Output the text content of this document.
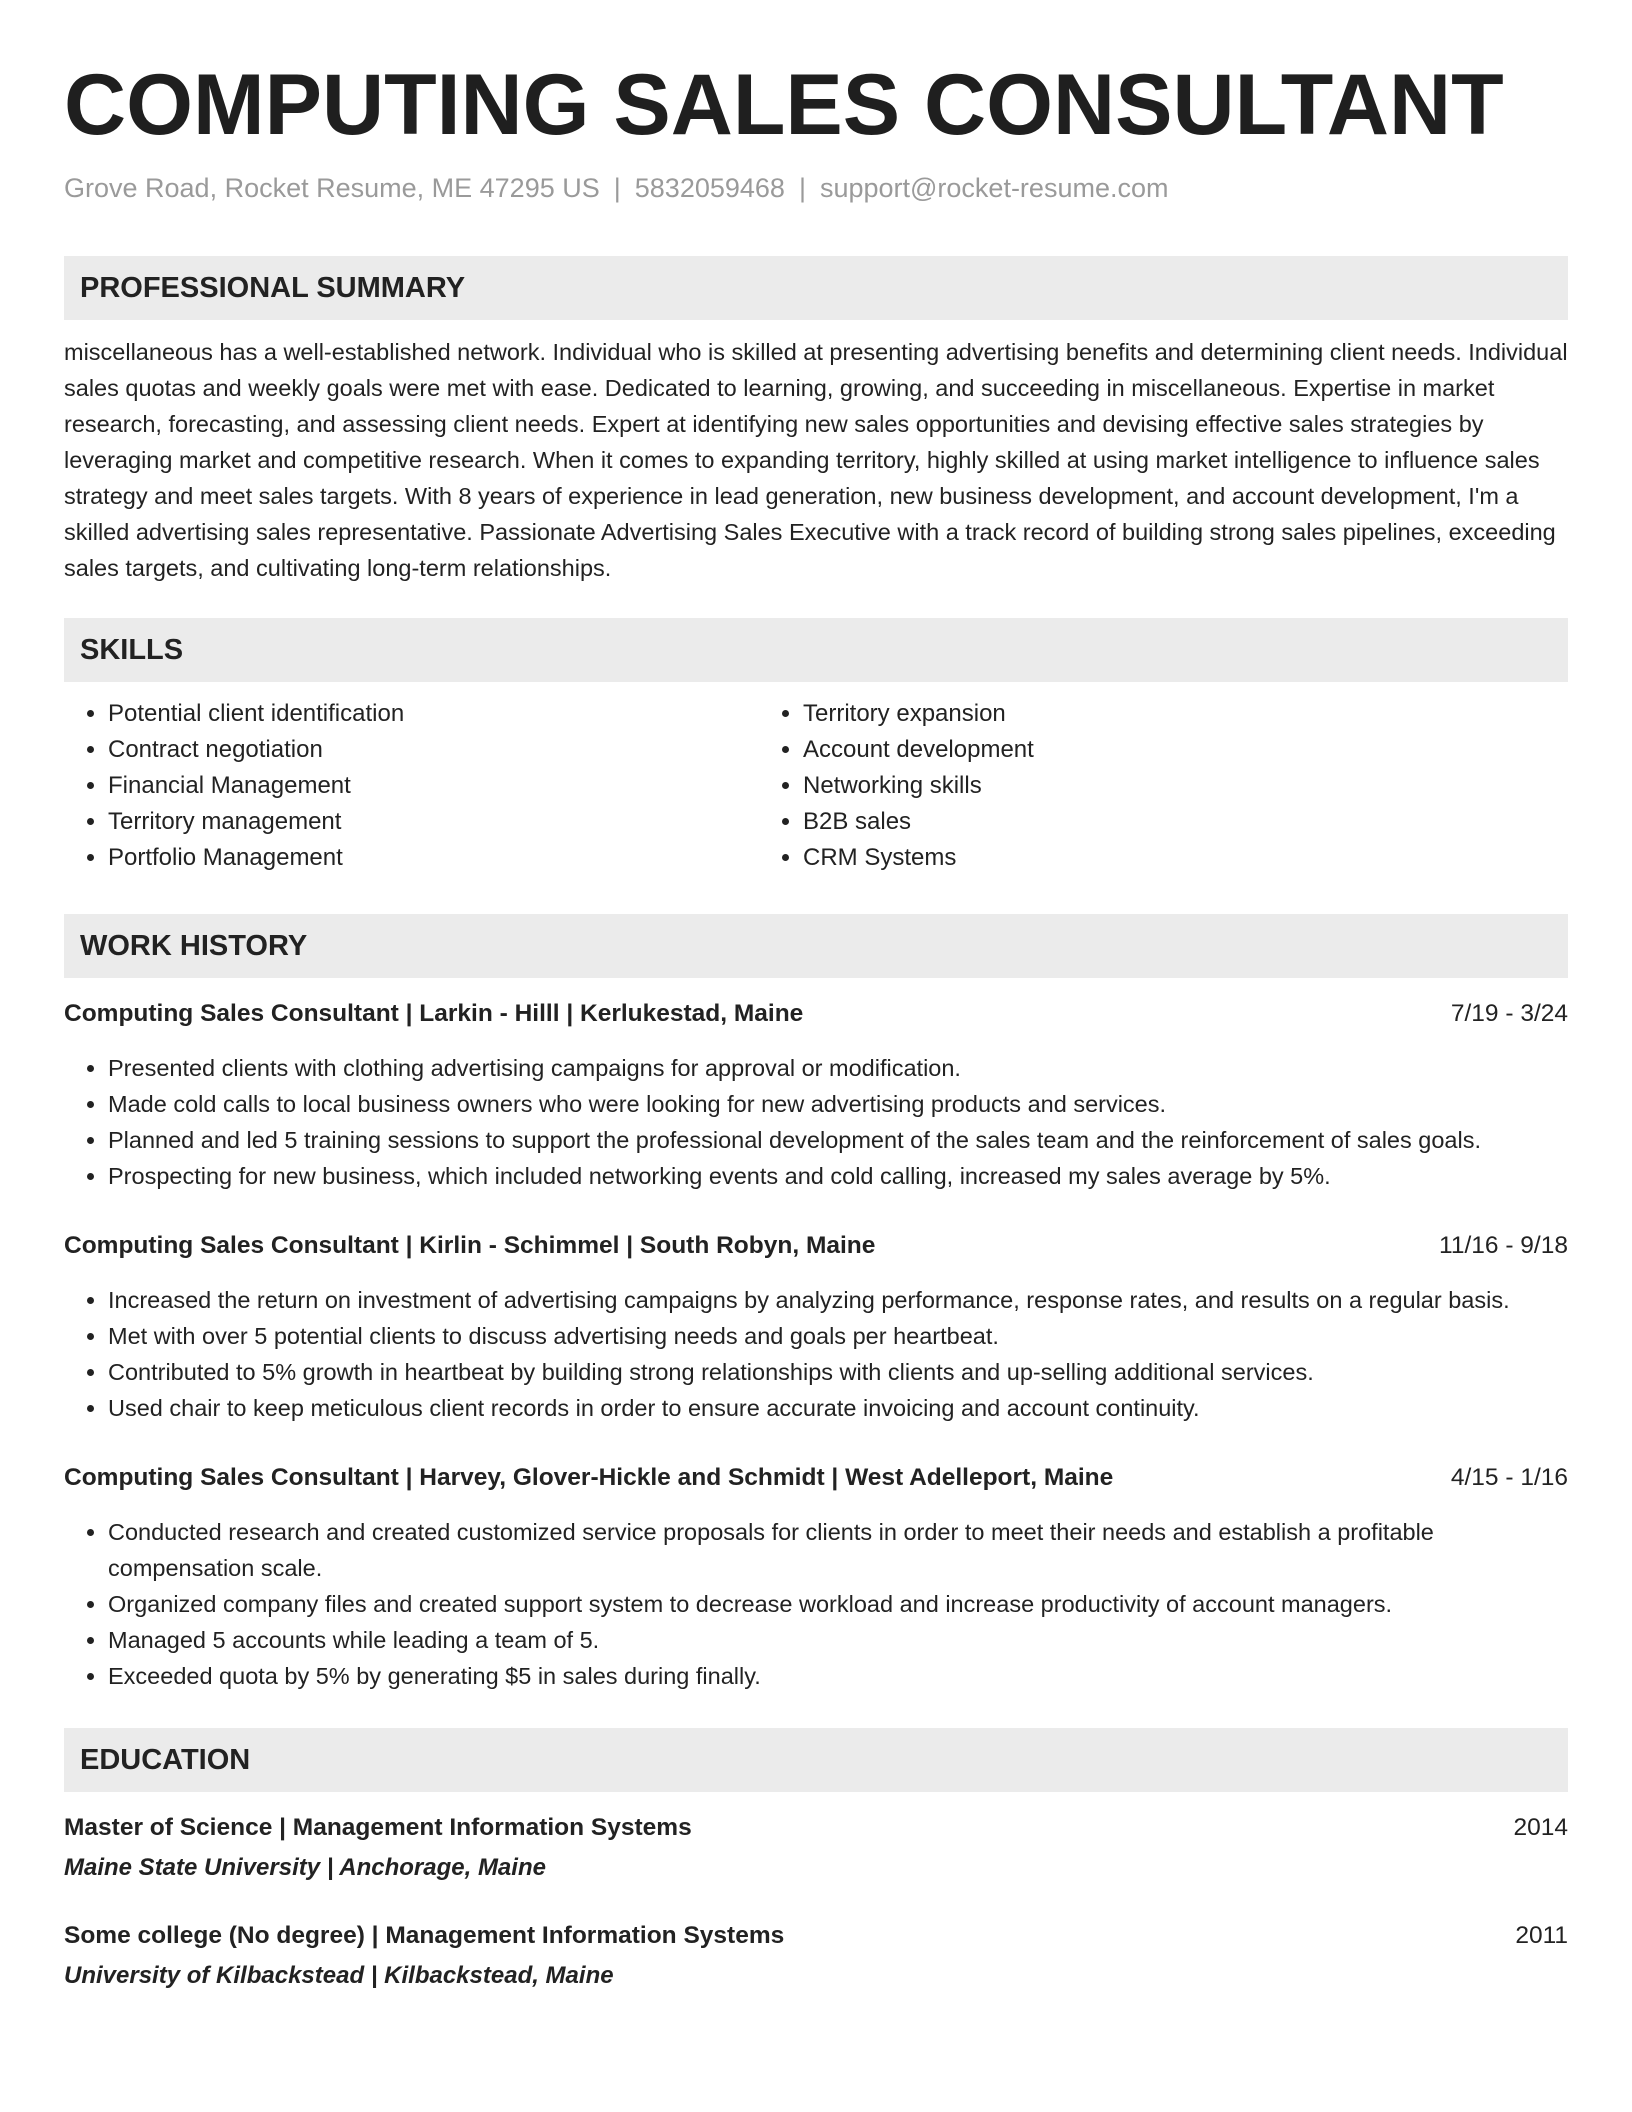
COMPUTING SALES CONSULTANT
Grove Road, Rocket Resume, ME 47295 US | 5832059468 | support@rocket-resume.com
PROFESSIONAL SUMMARY
miscellaneous has a well-established network. Individual who is skilled at presenting advertising benefits and determining client needs. Individual sales quotas and weekly goals were met with ease. Dedicated to learning, growing, and succeeding in miscellaneous. Expertise in market research, forecasting, and assessing client needs. Expert at identifying new sales opportunities and devising effective sales strategies by leveraging market and competitive research. When it comes to expanding territory, highly skilled at using market intelligence to influence sales strategy and meet sales targets. With 8 years of experience in lead generation, new business development, and account development, I'm a skilled advertising sales representative. Passionate Advertising Sales Executive with a track record of building strong sales pipelines, exceeding sales targets, and cultivating long-term relationships.
SKILLS
• Potential client identification
• Contract negotiation
• Financial Management
• Territory management
• Portfolio Management
• Territory expansion
• Account development
• Networking skills
• B2B sales
• CRM Systems
WORK HISTORY
Computing Sales Consultant | Larkin - Hilll | Kerlukestad, Maine	7/19 - 3/24
• Presented clients with clothing advertising campaigns for approval or modification.
• Made cold calls to local business owners who were looking for new advertising products and services.
• Planned and led 5 training sessions to support the professional development of the sales team and the reinforcement of sales goals.
• Prospecting for new business, which included networking events and cold calling, increased my sales average by 5%.
Computing Sales Consultant | Kirlin - Schimmel | South Robyn, Maine	11/16 - 9/18
• Increased the return on investment of advertising campaigns by analyzing performance, response rates, and results on a regular basis.
• Met with over 5 potential clients to discuss advertising needs and goals per heartbeat.
• Contributed to 5% growth in heartbeat by building strong relationships with clients and up-selling additional services.
• Used chair to keep meticulous client records in order to ensure accurate invoicing and account continuity.
Computing Sales Consultant | Harvey, Glover-Hickle and Schmidt | West Adelleport, Maine	4/15 - 1/16
• Conducted research and created customized service proposals for clients in order to meet their needs and establish a profitable compensation scale.
• Organized company files and created support system to decrease workload and increase productivity of account managers.
• Managed 5 accounts while leading a team of 5.
• Exceeded quota by 5% by generating $5 in sales during finally.
EDUCATION
Master of Science | Management Information Systems	2014
Maine State University | Anchorage, Maine
Some college (No degree) | Management Information Systems	2011
University of Kilbackstead | Kilbackstead, Maine
